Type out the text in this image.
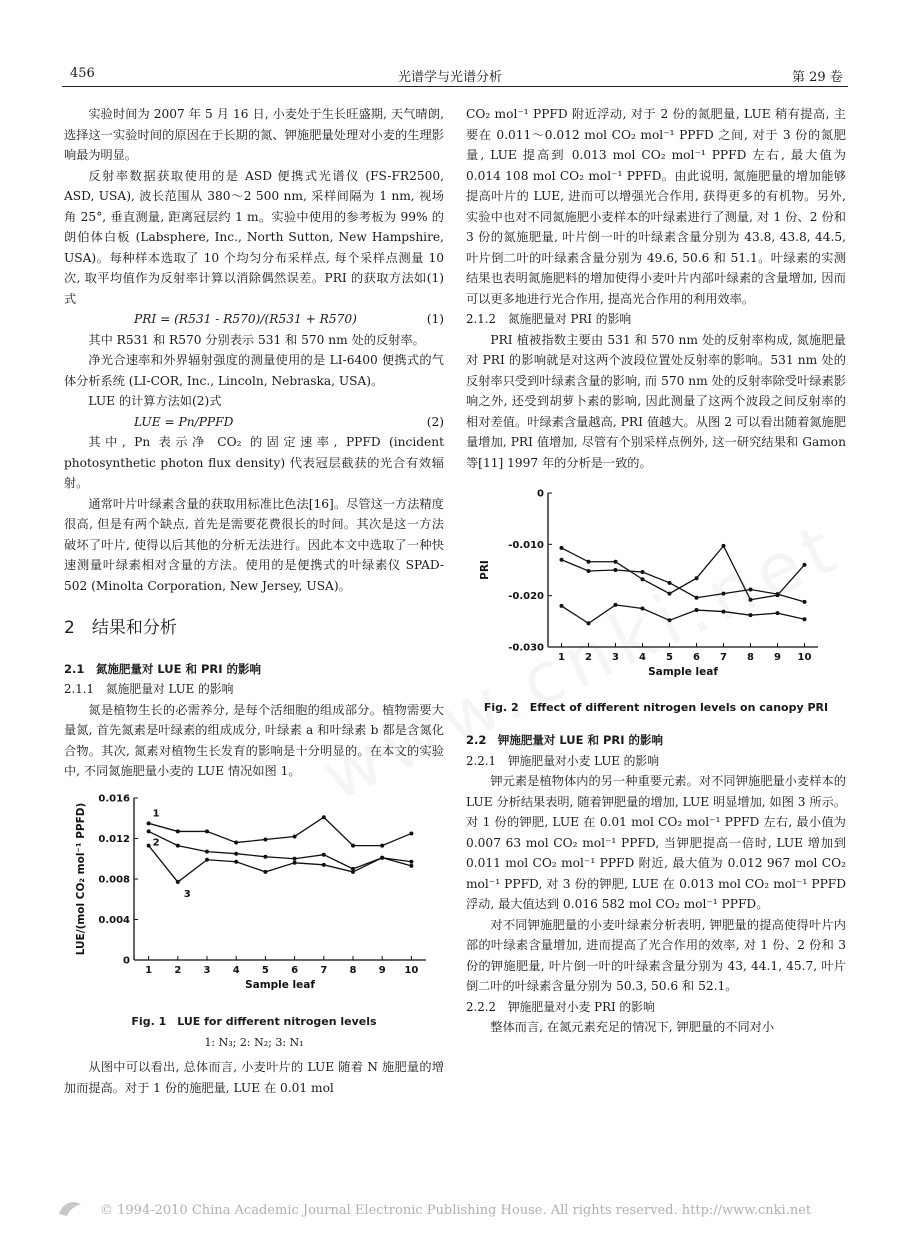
456	光谱学与光谱分析	第 29 卷

实验时间为 2007 年 5 月 16 日, 小麦处于生长旺盛期, 天气晴朗, 选择这一实验时间的原因在于长期的氮、钾施肥量处理对小麦的生理影响最为明显。

反射率数据获取使用的是 ASD 便携式光谱仪 (FS-FR2500, ASD, USA), 波长范围从 380～2 500 nm, 采样间隔为 1 nm, 视场角 25°, 垂直测量, 距离冠层约 1 m。实验中使用的参考板为 99% 的朗伯体白板 (Labsphere, Inc., North Sutton, New Hampshire, USA)。每种样本选取了 10 个均匀分布采样点, 每个采样点测量 10 次, 取平均值作为反射率计算以消除偶然误差。PRI 的获取方法如(1)式

PRI = (R531 - R570)/(R531 + R570)	(1)

其中 R531 和 R570 分别表示 531 和 570 nm 处的反射率。

净光合速率和外界辐射强度的测量使用的是 LI-6400 便携式的气体分析系统 (LI-COR, Inc., Lincoln, Nebraska, USA)。

LUE 的计算方法如(2)式

LUE = Pn/PPFD	(2)

其中, Pn 表示净 CO₂ 的固定速率, PPFD (incident photosynthetic photon flux density) 代表冠层截获的光合有效辐射。

通常叶片叶绿素含量的获取用标准比色法[16]。尽管这一方法精度很高, 但是有两个缺点, 首先是需要花费很长的时间。其次是这一方法破坏了叶片, 使得以后其他的分析无法进行。因此本文中选取了一种快速测量叶绿素相对含量的方法。使用的是便携式的叶绿素仪 SPAD-502 (Minolta Corporation, New Jersey, USA)。

2　结果和分析

2.1　氮施肥量对 LUE 和 PRI 的影响

2.1.1　氮施肥量对 LUE 的影响

氮是植物生长的必需养分, 是每个活细胞的组成部分。植物需要大量氮, 首先氮素是叶绿素的组成成分, 叶绿素 a 和叶绿素 b 都是含氮化合物。其次, 氮素对植物生长发育的影响是十分明显的。在本文的实验中, 不同氮施肥量小麦的 LUE 情况如图 1。

0
0.004
0.008
0.012
0.016
1 2 3 4 5 6 7 8 9 10
Sample leaf
LUE/(mol CO₂ mol⁻¹ PPFD)	1
2
3
Fig. 1　LUE for different nitrogen levels
1: N₃; 2: N₂; 3: N₁

从图中可以看出, 总体而言, 小麦叶片的 LUE 随着 N 施肥量的增加而提高。对于 1 份的施肥量, LUE 在 0.01 mol

CO₂ mol⁻¹ PPFD 附近浮动, 对于 2 份的氮肥量, LUE 稍有提高, 主要在 0.011～0.012 mol CO₂ mol⁻¹ PPFD 之间, 对于 3 份的氮肥量, LUE 提高到 0.013 mol CO₂ mol⁻¹ PPFD 左右, 最大值为 0.014 108 mol CO₂ mol⁻¹ PPFD。由此说明, 氮施肥量的增加能够提高叶片的 LUE, 进而可以增强光合作用, 获得更多的有机物。另外, 实验中也对不同氮施肥小麦样本的叶绿素进行了测量, 对 1 份、2 份和 3 份的氮施肥量, 叶片倒一叶的叶绿素含量分别为 43.8, 43.8, 44.5, 叶片倒二叶的叶绿素含量分别为 49.6, 50.6 和 51.1。叶绿素的实测结果也表明氮施肥料的增加使得小麦叶片内部叶绿素的含量增加, 因而可以更多地进行光合作用, 提高光合作用的利用效率。

2.1.2　氮施肥量对 PRI 的影响

PRI 植被指数主要由 531 和 570 nm 处的反射率构成, 氮施肥量对 PRI 的影响就是对这两个波段位置处反射率的影响。531 nm 处的反射率只受到叶绿素含量的影响, 而 570 nm 处的反射率除受叶绿素影响之外, 还受到胡萝卜素的影响, 因此测量了这两个波段之间反射率的相对差值。叶绿素含量越高, PRI 值越大。从图 2 可以看出随着氮施肥量增加, PRI 值增加, 尽管有个别采样点例外, 这一研究结果和 Gamon 等[11] 1997 年的分析是一致的。

0
-0.010
-0.020
-0.030
1 2 3 4 5 6 7 8 9 10
Sample leaf
PRI
Fig. 2　Effect of different nitrogen levels on canopy PRI

2.2　钾施肥量对 LUE 和 PRI 的影响

2.2.1　钾施肥量对小麦 LUE 的影响

钾元素是植物体内的另一种重要元素。对不同钾施肥量小麦样本的 LUE 分析结果表明, 随着钾肥量的增加, LUE 明显增加, 如图 3 所示。对 1 份的钾肥, LUE 在 0.01 mol CO₂ mol⁻¹ PPFD 左右, 最小值为 0.007 63 mol CO₂ mol⁻¹ PPFD, 当钾肥提高一倍时, LUE 增加到 0.011 mol CO₂ mol⁻¹ PPFD 附近, 最大值为 0.012 967 mol CO₂ mol⁻¹ PPFD, 对 3 份的钾肥, LUE 在 0.013 mol CO₂ mol⁻¹ PPFD 浮动, 最大值达到 0.016 582 mol CO₂ mol⁻¹ PPFD。

对不同钾施肥量的小麦叶绿素分析表明, 钾肥量的提高使得叶片内部的叶绿素含量增加, 进而提高了光合作用的效率, 对 1 份、2 份和 3 份的钾施肥量, 叶片倒一叶的叶绿素含量分别为 43, 44.1, 45.7, 叶片倒二叶的叶绿素含量分别为 50.3, 50.6 和 52.1。

2.2.2　钾施肥量对小麦 PRI 的影响

整体而言, 在氮元素充足的情况下, 钾肥量的不同对小

© 1994-2010 China Academic Journal Electronic Publishing House. All rights reserved. http://www.cnki.net
